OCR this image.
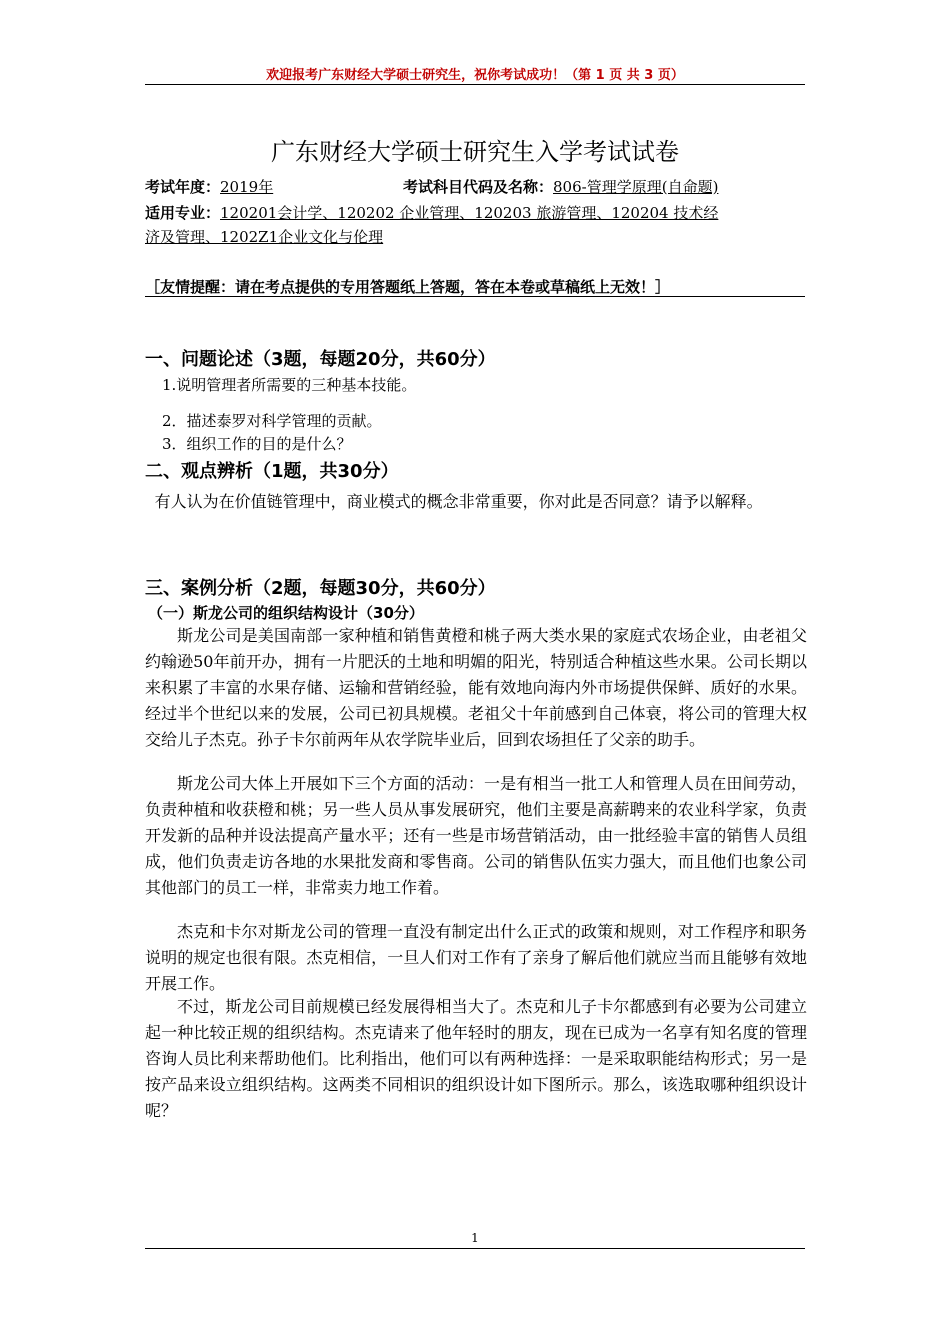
欢迎报考广东财经大学硕士研究生，祝你考试成功！（第 1 页 共 3 页）
广东财经大学硕士研究生入学考试试卷
考试年度：2019年	考试科目代码及名称：806-管理学原理(自命题)
适用专业：120201会计学、120202 企业管理、120203 旅游管理、120204 技术经
济及管理、1202Z1企业文化与伦理
［友情提醒：请在考点提供的专用答题纸上答题，答在本卷或草稿纸上无效！］
一、问题论述（3题，每题20分，共60分）
1.说明管理者所需要的三种基本技能。
2．描述泰罗对科学管理的贡献。
3．组织工作的目的是什么？
二、观点辨析（1题，共30分）
有人认为在价值链管理中，商业模式的概念非常重要，你对此是否同意？请予以解释。
三、案例分析（2题，每题30分，共60分）
（一）斯龙公司的组织结构设计（30分）
斯龙公司是美国南部一家种植和销售黄橙和桃子两大类水果的家庭式农场企业，由老祖父约翰逊50年前开办，拥有一片肥沃的土地和明媚的阳光，特别适合种植这些水果。公司长期以来积累了丰富的水果存储、运输和营销经验，能有效地向海内外市场提供保鲜、质好的水果。经过半个世纪以来的发展，公司已初具规模。老祖父十年前感到自己体衰，将公司的管理大权交给儿子杰克。孙子卡尔前两年从农学院毕业后，回到农场担任了父亲的助手。
斯龙公司大体上开展如下三个方面的活动：一是有相当一批工人和管理人员在田间劳动，负责种植和收获橙和桃；另一些人员从事发展研究，他们主要是高薪聘来的农业科学家，负责开发新的品种并设法提高产量水平；还有一些是市场营销活动，由一批经验丰富的销售人员组成，他们负责走访各地的水果批发商和零售商。公司的销售队伍实力强大，而且他们也象公司其他部门的员工一样，非常卖力地工作着。
杰克和卡尔对斯龙公司的管理一直没有制定出什么正式的政策和规则，对工作程序和职务说明的规定也很有限。杰克相信，一旦人们对工作有了亲身了解后他们就应当而且能够有效地开展工作。
不过，斯龙公司目前规模已经发展得相当大了。杰克和儿子卡尔都感到有必要为公司建立起一种比较正规的组织结构。杰克请来了他年轻时的朋友，现在已成为一名享有知名度的管理咨询人员比利来帮助他们。比利指出，他们可以有两种选择：一是采取职能结构形式；另一是按产品来设立组织结构。这两类不同相识的组织设计如下图所示。那么，该选取哪种组织设计呢？
1
